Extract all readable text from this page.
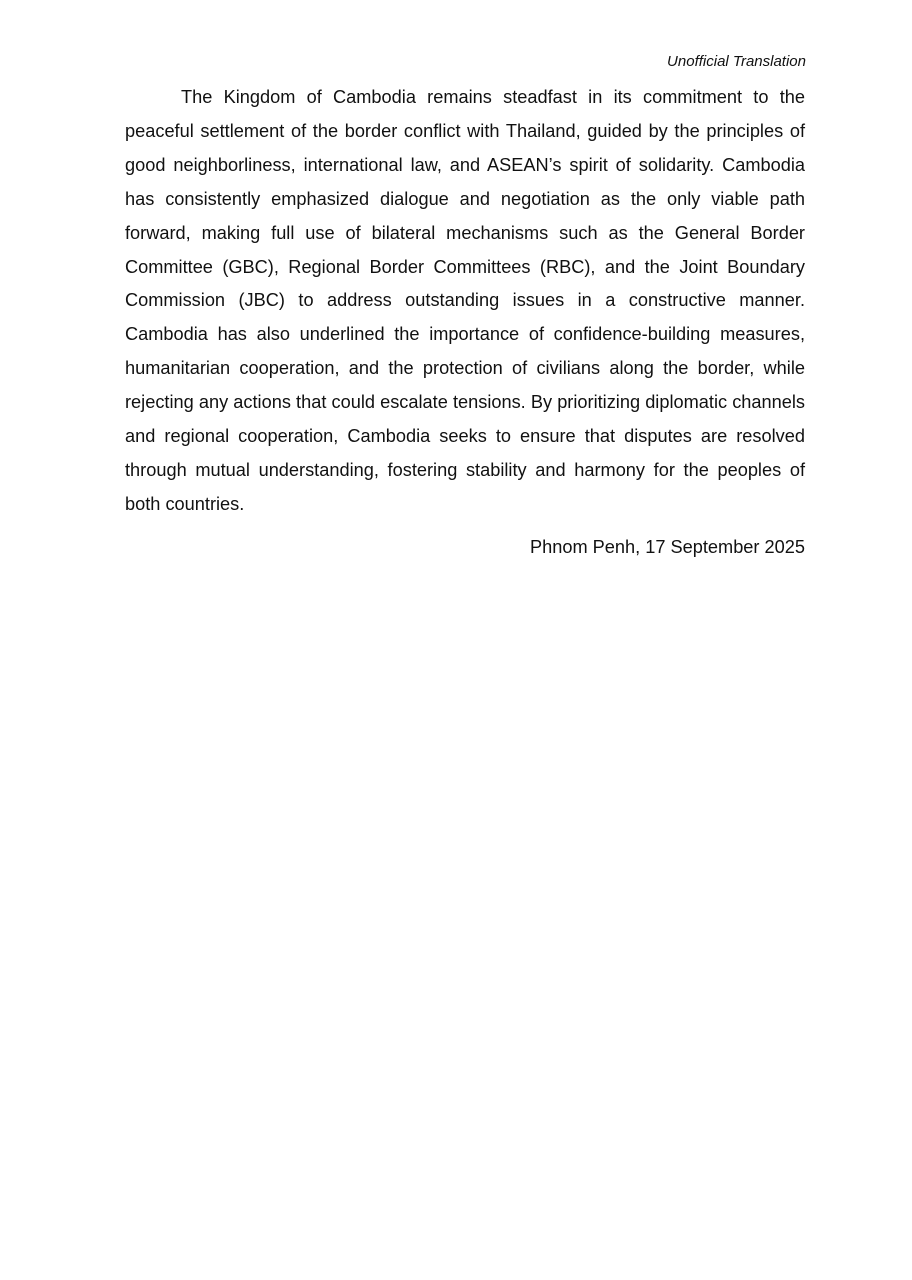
Unofficial Translation

The Kingdom of Cambodia remains steadfast in its commitment to the peaceful settlement of the border conflict with Thailand, guided by the principles of good neighborliness, international law, and ASEAN’s spirit of solidarity. Cambodia has consistently emphasized dialogue and negotiation as the only viable path forward, making full use of bilateral mechanisms such as the General Border Committee (GBC), Regional Border Committees (RBC), and the Joint Boundary Commission (JBC) to address outstanding issues in a constructive manner. Cambodia has also underlined the importance of confidence-building measures, humanitarian cooperation, and the protection of civilians along the border, while rejecting any actions that could escalate tensions. By prioritizing diplomatic channels and regional cooperation, Cambodia seeks to ensure that disputes are resolved through mutual understanding, fostering stability and harmony for the peoples of both countries.

Phnom Penh, 17 September 2025
